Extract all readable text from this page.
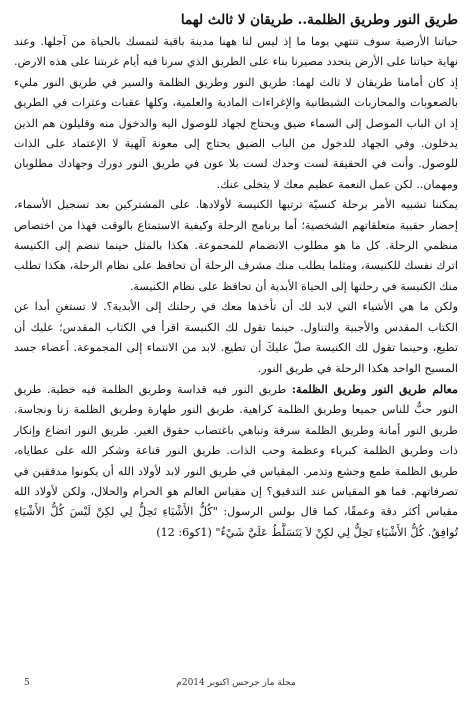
طريق النور وطريق الظلمة.. طريقان لا ثالث لهما

حياتنا الأرضية سوف تنتهي يوما ما إذ ليس لنا ههنا مدينة باقية لتمسك بالحياة من آجلها. وعند نهاية حياتنا على الأرض يتحدد مصيرنا بناء على الطريق الذي سرنا فيه أيام غربتنا على هذه الارض. إذ كان أمامنا طريقان لا ثالث لهما: طريق النور وطريق الظلمة والسير في طريق النور مليء بالصعوبات والمحاربات الشيطانية والإغراءات المادية والعلمية، وكلها عقبات وعثرات في الطريق إذ ان الباب الموصل إلى السماء ضيق ويحتاج لجهاد للوصول اليه والدخول منه وقليلون هم الذين يدخلون. وفي الجهاد للدخول من الباب الضيق يحتاج إلى معونة آلهية لا الإعتماد على الذات للوصول. وأنت في الحقيقة لست وحدك لست بلا عون في طريق النور دورك وجهادك مطلوبان ومهمان.. لكن عمل النعمة عظيم معك لا يتخلى عنك.

يمكننا تشبيه الأمر برحلة كنسيّة ترتبها الكنيسة لأولادها. على المشتركين بعد تسجيل الأسماء، إحضار حقيبة متعلقاتهم الشخصية؛ أما برنامج الرحلة وكيفية الاستمتاع بالوقت فهذا من اختصاص منظمي الرحلة. كل ما هو مطلوب الانضمام للمجموعة. هكذا بالمثل حينما تنضم إلى الكنيسة اترك نفسك للكنيسة، ومثلما يطلب منك مشرف الرحلة أن تحافظ على نظام الرحلة، هكذا تطلب منك الكنيسة في رحلتها إلى الحياة الأبدية أن تحافظ على نظام الكنيسة.

ولكن ما هي الأشياء التي لابد لك أن تأخذها معك في رحلتك إلى الأبدية؟. لا تستغنِ أبدا عن الكتاب المقدس والأجبية والتناول. حينما تقول لك الكنيسة اقرأ في الكتاب المقدس؛ عليك أن تطيع، وحينما تقول لك الكنيسة صلّ عليكَ أن تطيع. لابد من الانتماء إلى المجموعة. أعضاء جسد المسيح الواحد هكذا الرحلة في طريق النور.

معالم طريق النور وطريق الظلمة: طريق النور فيه قداسة وطريق الظلمة فيه خطية. طريق النور حبٌّ للناس جميعا وطريق الظلمة كراهية. طريق النور طهارة وطريق الظلمة زنا ونجاسة. طريق النور أمانة وطريق الظلمة سرقة وتباهي باغتصاب حقوق الغير. طريق النور اتضاع وإنكار ذات وطريق الظلمة كبرياء وعظمة وحب الذات. طريق النور قناعة وشكر الله على عطاياه، طريق الظلمة طمع وجشع وتذمر. المقياس في طريق النور لابد لأولاد الله أن يكونوا مدققين في تصرفاتهم. فما هو المقياس عند التدقيق؟ إن مقياس العالم هو الحرام والحلال، ولكن لأولاد الله مقياس أكثر دقة وعمقًا، كما قال بولس الرسول: "كُلُّ الأَشْيَاءِ تَحِلُّ لِي لكِنْ لَيْسَ كُلُّ الأَشْيَاءِ تُوافِقُ. كُلُّ الأَشْيَاءِ تَحِلُّ لِي لكِنْ لاَ يَتَسَلَّطُ عَلَيَّ شَيْءٌ" (1كو6: 12)

مجلة مار جرجس اكتوبر 2014م
5
